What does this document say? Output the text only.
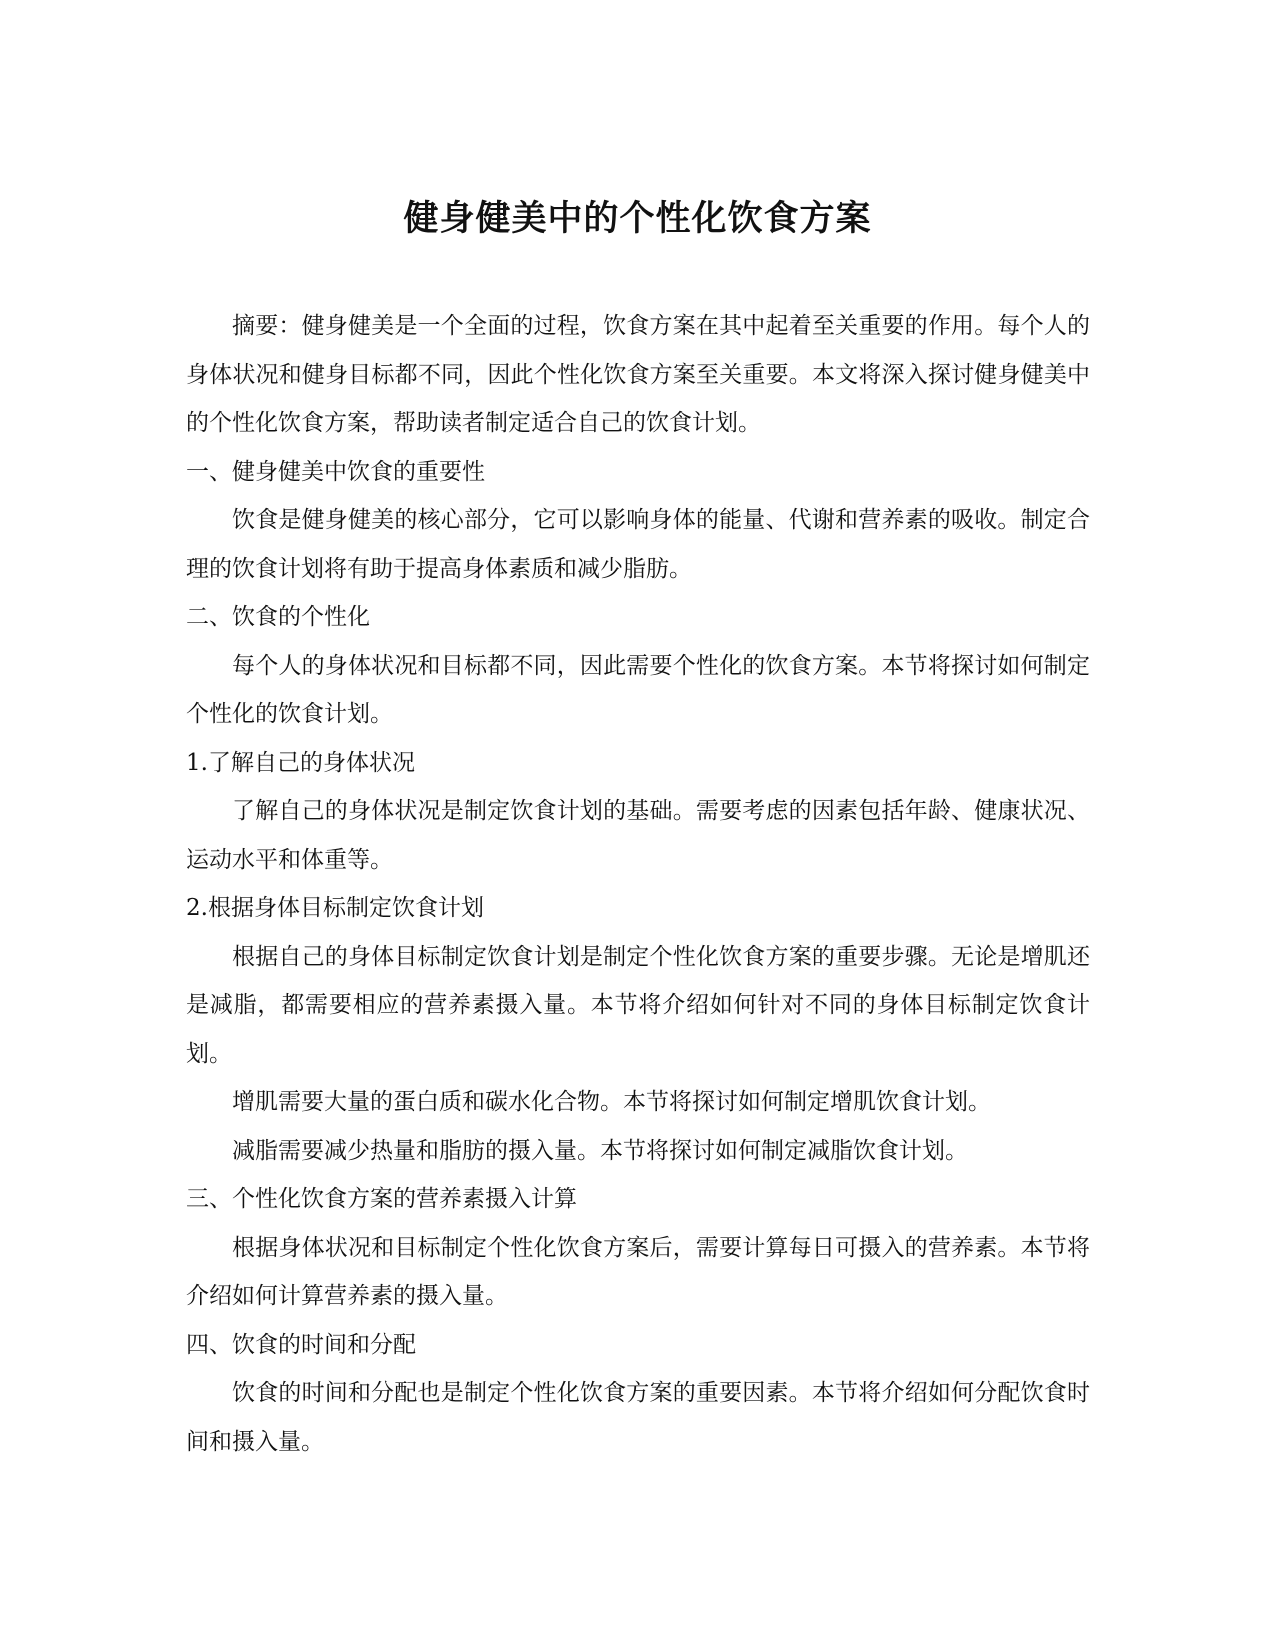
健身健美中的个性化饮食方案

摘要：健身健美是一个全面的过程，饮食方案在其中起着至关重要的作用。每个人的身体状况和健身目标都不同，因此个性化饮食方案至关重要。本文将深入探讨健身健美中的个性化饮食方案，帮助读者制定适合自己的饮食计划。

一、健身健美中饮食的重要性

饮食是健身健美的核心部分，它可以影响身体的能量、代谢和营养素的吸收。制定合理的饮食计划将有助于提高身体素质和减少脂肪。

二、饮食的个性化

每个人的身体状况和目标都不同，因此需要个性化的饮食方案。本节将探讨如何制定个性化的饮食计划。

1.了解自己的身体状况

了解自己的身体状况是制定饮食计划的基础。需要考虑的因素包括年龄、健康状况、运动水平和体重等。

2.根据身体目标制定饮食计划

根据自己的身体目标制定饮食计划是制定个性化饮食方案的重要步骤。无论是增肌还是减脂，都需要相应的营养素摄入量。本节将介绍如何针对不同的身体目标制定饮食计划。

增肌需要大量的蛋白质和碳水化合物。本节将探讨如何制定增肌饮食计划。

减脂需要减少热量和脂肪的摄入量。本节将探讨如何制定减脂饮食计划。

三、个性化饮食方案的营养素摄入计算

根据身体状况和目标制定个性化饮食方案后，需要计算每日可摄入的营养素。本节将介绍如何计算营养素的摄入量。

四、饮食的时间和分配

饮食的时间和分配也是制定个性化饮食方案的重要因素。本节将介绍如何分配饮食时间和摄入量。
